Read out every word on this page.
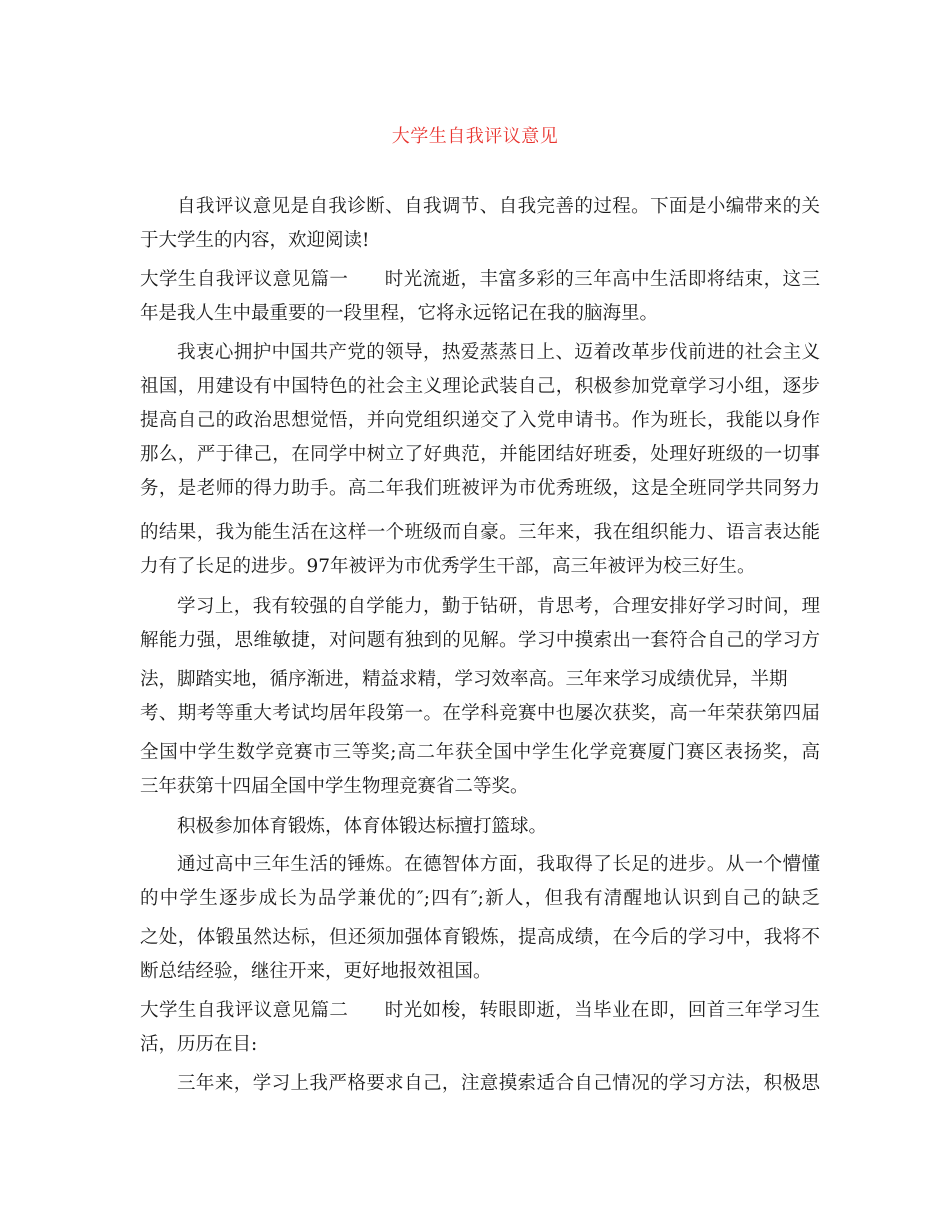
大学生自我评议意见
自我评议意见是自我诊断、自我调节、自我完善的过程。下面是小编带来的关
于大学生的内容，欢迎阅读!
大学生自我评议意见篇一 时光流逝，丰富多彩的三年高中生活即将结束，这三
年是我人生中最重要的一段里程，它将永远铭记在我的脑海里。
我衷心拥护中国共产党的领导，热爱蒸蒸日上、迈着改革步伐前进的社会主义
祖国，用建设有中国特色的社会主义理论武装自己，积极参加党章学习小组，逐步
提高自己的政治思想觉悟，并向党组织递交了入党申请书。作为班长，我能以身作
那么，严于律己，在同学中树立了好典范，并能团结好班委，处理好班级的一切事
务，是老师的得力助手。高二年我们班被评为市优秀班级，这是全班同学共同努力
的结果，我为能生活在这样一个班级而自豪。三年来，我在组织能力、语言表达能
力有了长足的进步。97年被评为市优秀学生干部，高三年被评为校三好生。
学习上，我有较强的自学能力，勤于钻研，肯思考，合理安排好学习时间，理
解能力强，思维敏捷，对问题有独到的见解。学习中摸索出一套符合自己的学习方
法，脚踏实地，循序渐进，精益求精，学习效率高。三年来学习成绩优异，半期
考、期考等重大考试均居年段第一。在学科竞赛中也屡次获奖，高一年荣获第四届
全国中学生数学竞赛市三等奖;高二年获全国中学生化学竞赛厦门赛区表扬奖，高
三年获第十四届全国中学生物理竞赛省二等奖。
积极参加体育锻炼，体育体锻达标擅打篮球。
通过高中三年生活的锤炼。在德智体方面，我取得了长足的进步。从一个懵懂
的中学生逐步成长为品学兼优的″;四有″;新人，但我有清醒地认识到自己的缺乏
之处，体锻虽然达标，但还须加强体育锻炼，提高成绩，在今后的学习中，我将不
断总结经验，继往开来，更好地报效祖国。
大学生自我评议意见篇二 时光如梭，转眼即逝，当毕业在即，回首三年学习生
活，历历在目:
三年来，学习上我严格要求自己，注意摸索适合自己情况的学习方法，积极思
